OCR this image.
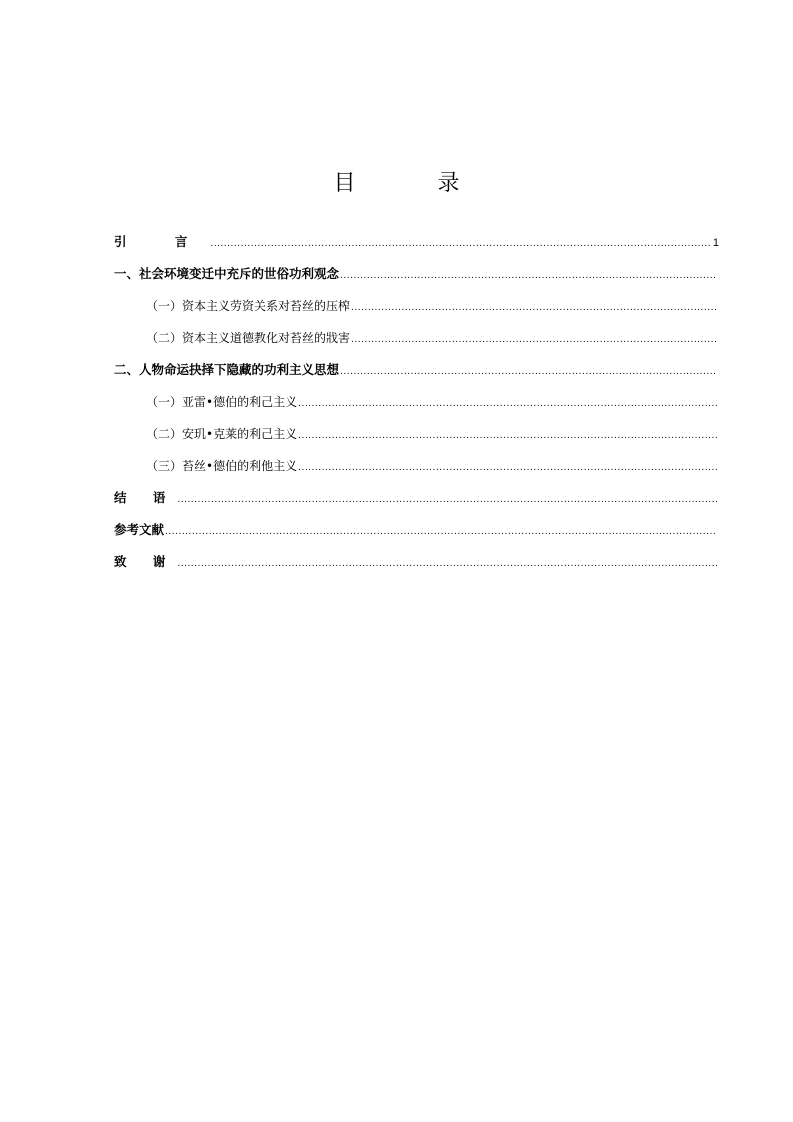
目　录
引 言
.....	1
一、社会环境变迁中充斥的世俗功利观念
.....
（一）资本主义劳资关系对苔丝的压榨
.....
（二）资本主义道德教化对苔丝的戕害
.....
二、人物命运抉择下隐藏的功利主义思想
.....
（一）亚雷•德伯的利己主义
.....
（二）安玑•克莱的利己主义
.....
（三）苔丝•德伯的利他主义
.....
结 语
.....
参考文献
.....
致 谢
.....
